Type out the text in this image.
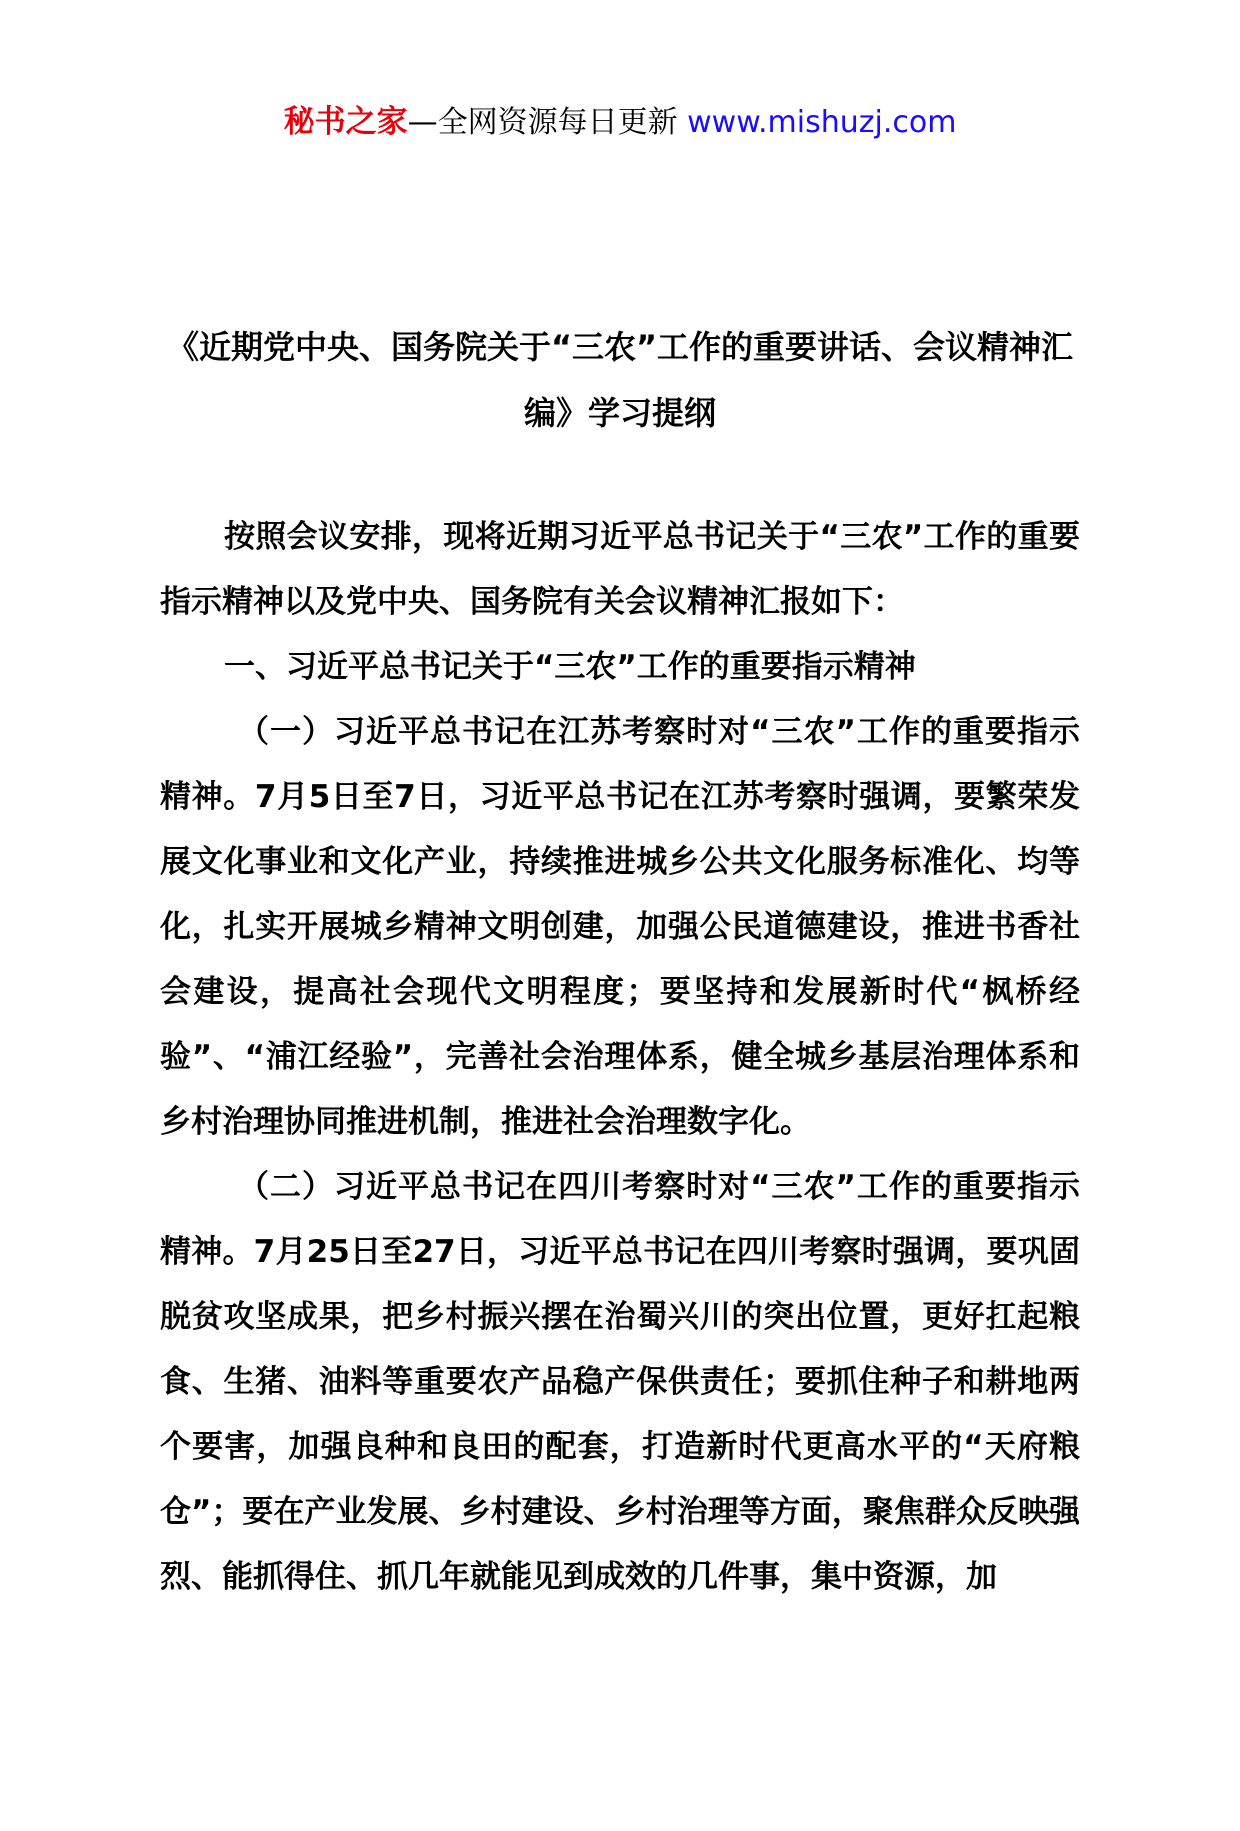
秘书之家—全网资源每日更新 www.mishuzj.com
《近期党中央、国务院关于“三农”工作的重要讲话、会议精神汇编》学习提纲

按照会议安排，现将近期习近平总书记关于“三农”工作的重要指示精神以及党中央、国务院有关会议精神汇报如下：

一、习近平总书记关于“三农”工作的重要指示精神

（一）习近平总书记在江苏考察时对“三农”工作的重要指示精神。7月5日至7日，习近平总书记在江苏考察时强调，要繁荣发展文化事业和文化产业，持续推进城乡公共文化服务标准化、均等化，扎实开展城乡精神文明创建，加强公民道德建设，推进书香社会建设，提高社会现代文明程度；要坚持和发展新时代“枫桥经验”、“浦江经验”，完善社会治理体系，健全城乡基层治理体系和乡村治理协同推进机制，推进社会治理数字化。

（二）习近平总书记在四川考察时对“三农”工作的重要指示精神。7月25日至27日，习近平总书记在四川考察时强调，要巩固脱贫攻坚成果，把乡村振兴摆在治蜀兴川的突出位置，更好扛起粮食、生猪、油料等重要农产品稳产保供责任；要抓住种子和耕地两个要害，加强良种和良田的配套，打造新时代更高水平的“天府粮仓”；要在产业发展、乡村建设、乡村治理等方面，聚焦群众反映强烈、能抓得住、抓几年就能见到成效的几件事，集中资源，加
